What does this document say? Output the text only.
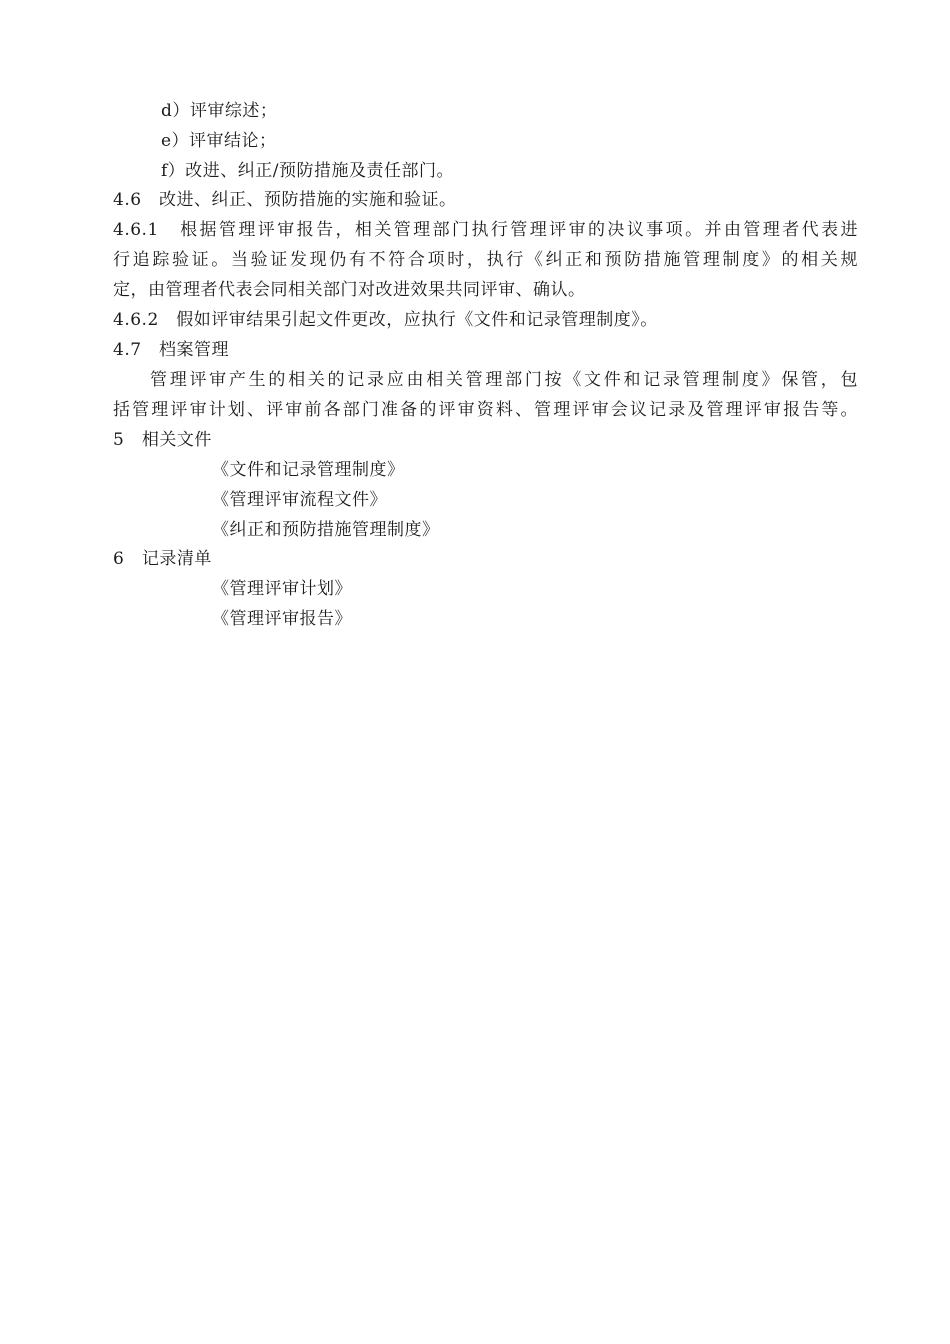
d）评审综述；
e）评审结论；
f）改进、纠正/预防措施及责任部门。
4.6　改进、纠正、预防措施的实施和验证。
4.6.1　根据管理评审报告，相关管理部门执行管理评审的决议事项。并由管理者代表进
行追踪验证。当验证发现仍有不符合项时，执行《纠正和预防措施管理制度》的相关规
定，由管理者代表会同相关部门对改进效果共同评审、确认。
4.6.2　假如评审结果引起文件更改，应执行《文件和记录管理制度》。
4.7　档案管理
管理评审产生的相关的记录应由相关管理部门按《文件和记录管理制度》保管，包
括管理评审计划、评审前各部门准备的评审资料、管理评审会议记录及管理评审报告等。
5　相关文件
《文件和记录管理制度》
《管理评审流程文件》
《纠正和预防措施管理制度》
6　记录清单
《管理评审计划》
《管理评审报告》
